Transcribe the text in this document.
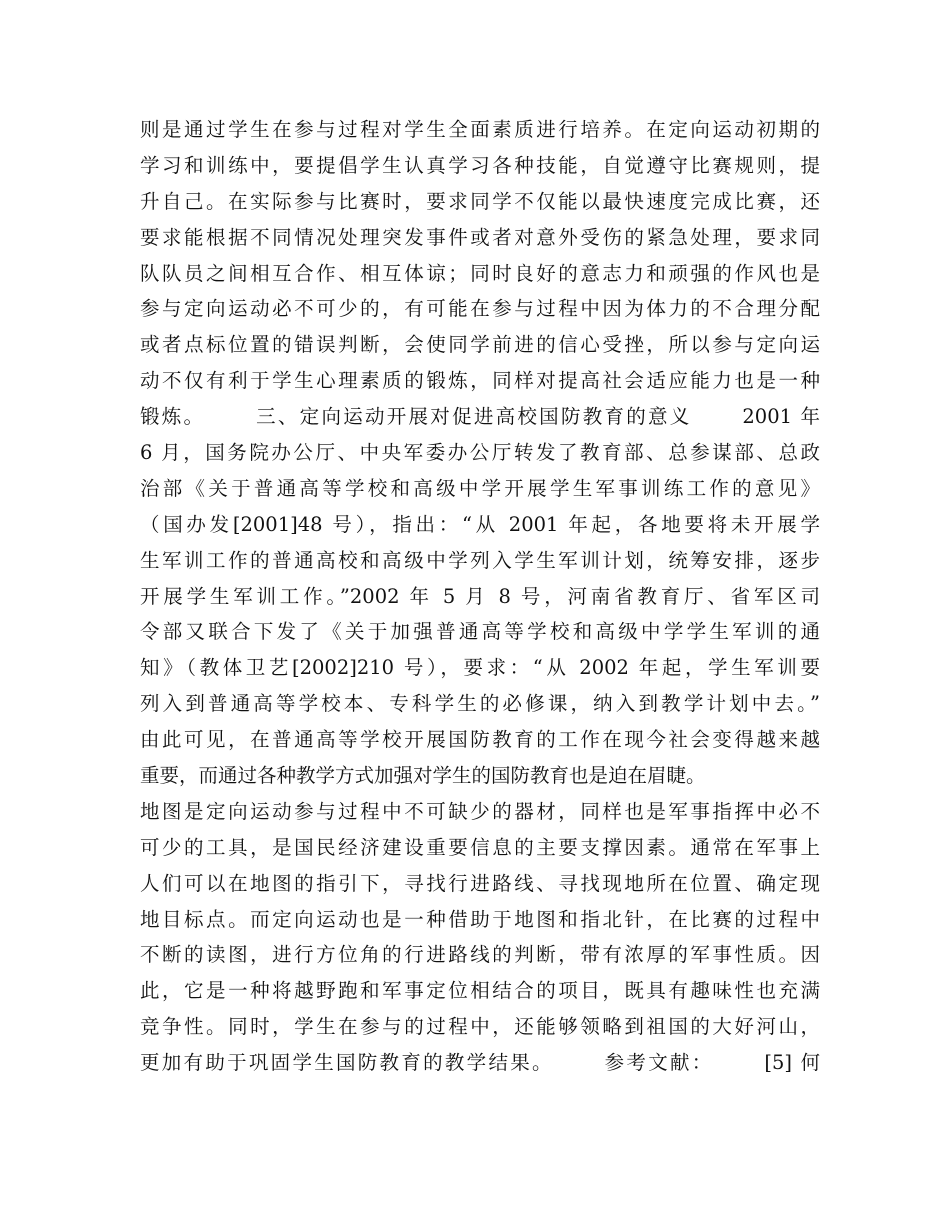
则是通过学生在参与过程对学生全面素质进行培养。在定向运动初期的
学习和训练中，要提倡学生认真学习各种技能，自觉遵守比赛规则，提
升自己。在实际参与比赛时，要求同学不仅能以最快速度完成比赛，还
要求能根据不同情况处理突发事件或者对意外受伤的紧急处理，要求同
队队员之间相互合作、相互体谅；同时良好的意志力和顽强的作风也是
参与定向运动必不可少的，有可能在参与过程中因为体力的不合理分配
或者点标位置的错误判断，会使同学前进的信心受挫，所以参与定向运
动不仅有利于学生心理素质的锻炼，同样对提高社会适应能力也是一种
锻炼。      三、定向运动开展对促进高校国防教育的意义      2001 年
6 月，国务院办公厅、中央军委办公厅转发了教育部、总参谋部、总政
治部《关于普通高等学校和高级中学开展学生军事训练工作的意见》
（国办发[2001]48 号），指出：“从 2001 年起，各地要将未开展学
生军训工作的普通高校和高级中学列入学生军训计划，统筹安排，逐步
开展学生军训工作。”2002 年 5 月 8 号，河南省教育厅、省军区司
令部又联合下发了《关于加强普通高等学校和高级中学学生军训的通
知》（教体卫艺[2002]210 号），要求：“从 2002 年起，学生军训要
列入到普通高等学校本、专科学生的必修课，纳入到教学计划中去。”
由此可见，在普通高等学校开展国防教育的工作在现今社会变得越来越
重要，而通过各种教学方式加强对学生的国防教育也是迫在眉睫。
地图是定向运动参与过程中不可缺少的器材，同样也是军事指挥中必不
可少的工具，是国民经济建设重要信息的主要支撑因素。通常在军事上
人们可以在地图的指引下，寻找行进路线、寻找现地所在位置、确定现
地目标点。而定向运动也是一种借助于地图和指北针，在比赛的过程中
不断的读图，进行方位角的行进路线的判断，带有浓厚的军事性质。因
此，它是一种将越野跑和军事定位相结合的项目，既具有趣味性也充满
竞争性。同时，学生在参与的过程中，还能够领略到祖国的大好河山，
更加有助于巩固学生国防教育的教学结果。      参考文献：      [5] 何
